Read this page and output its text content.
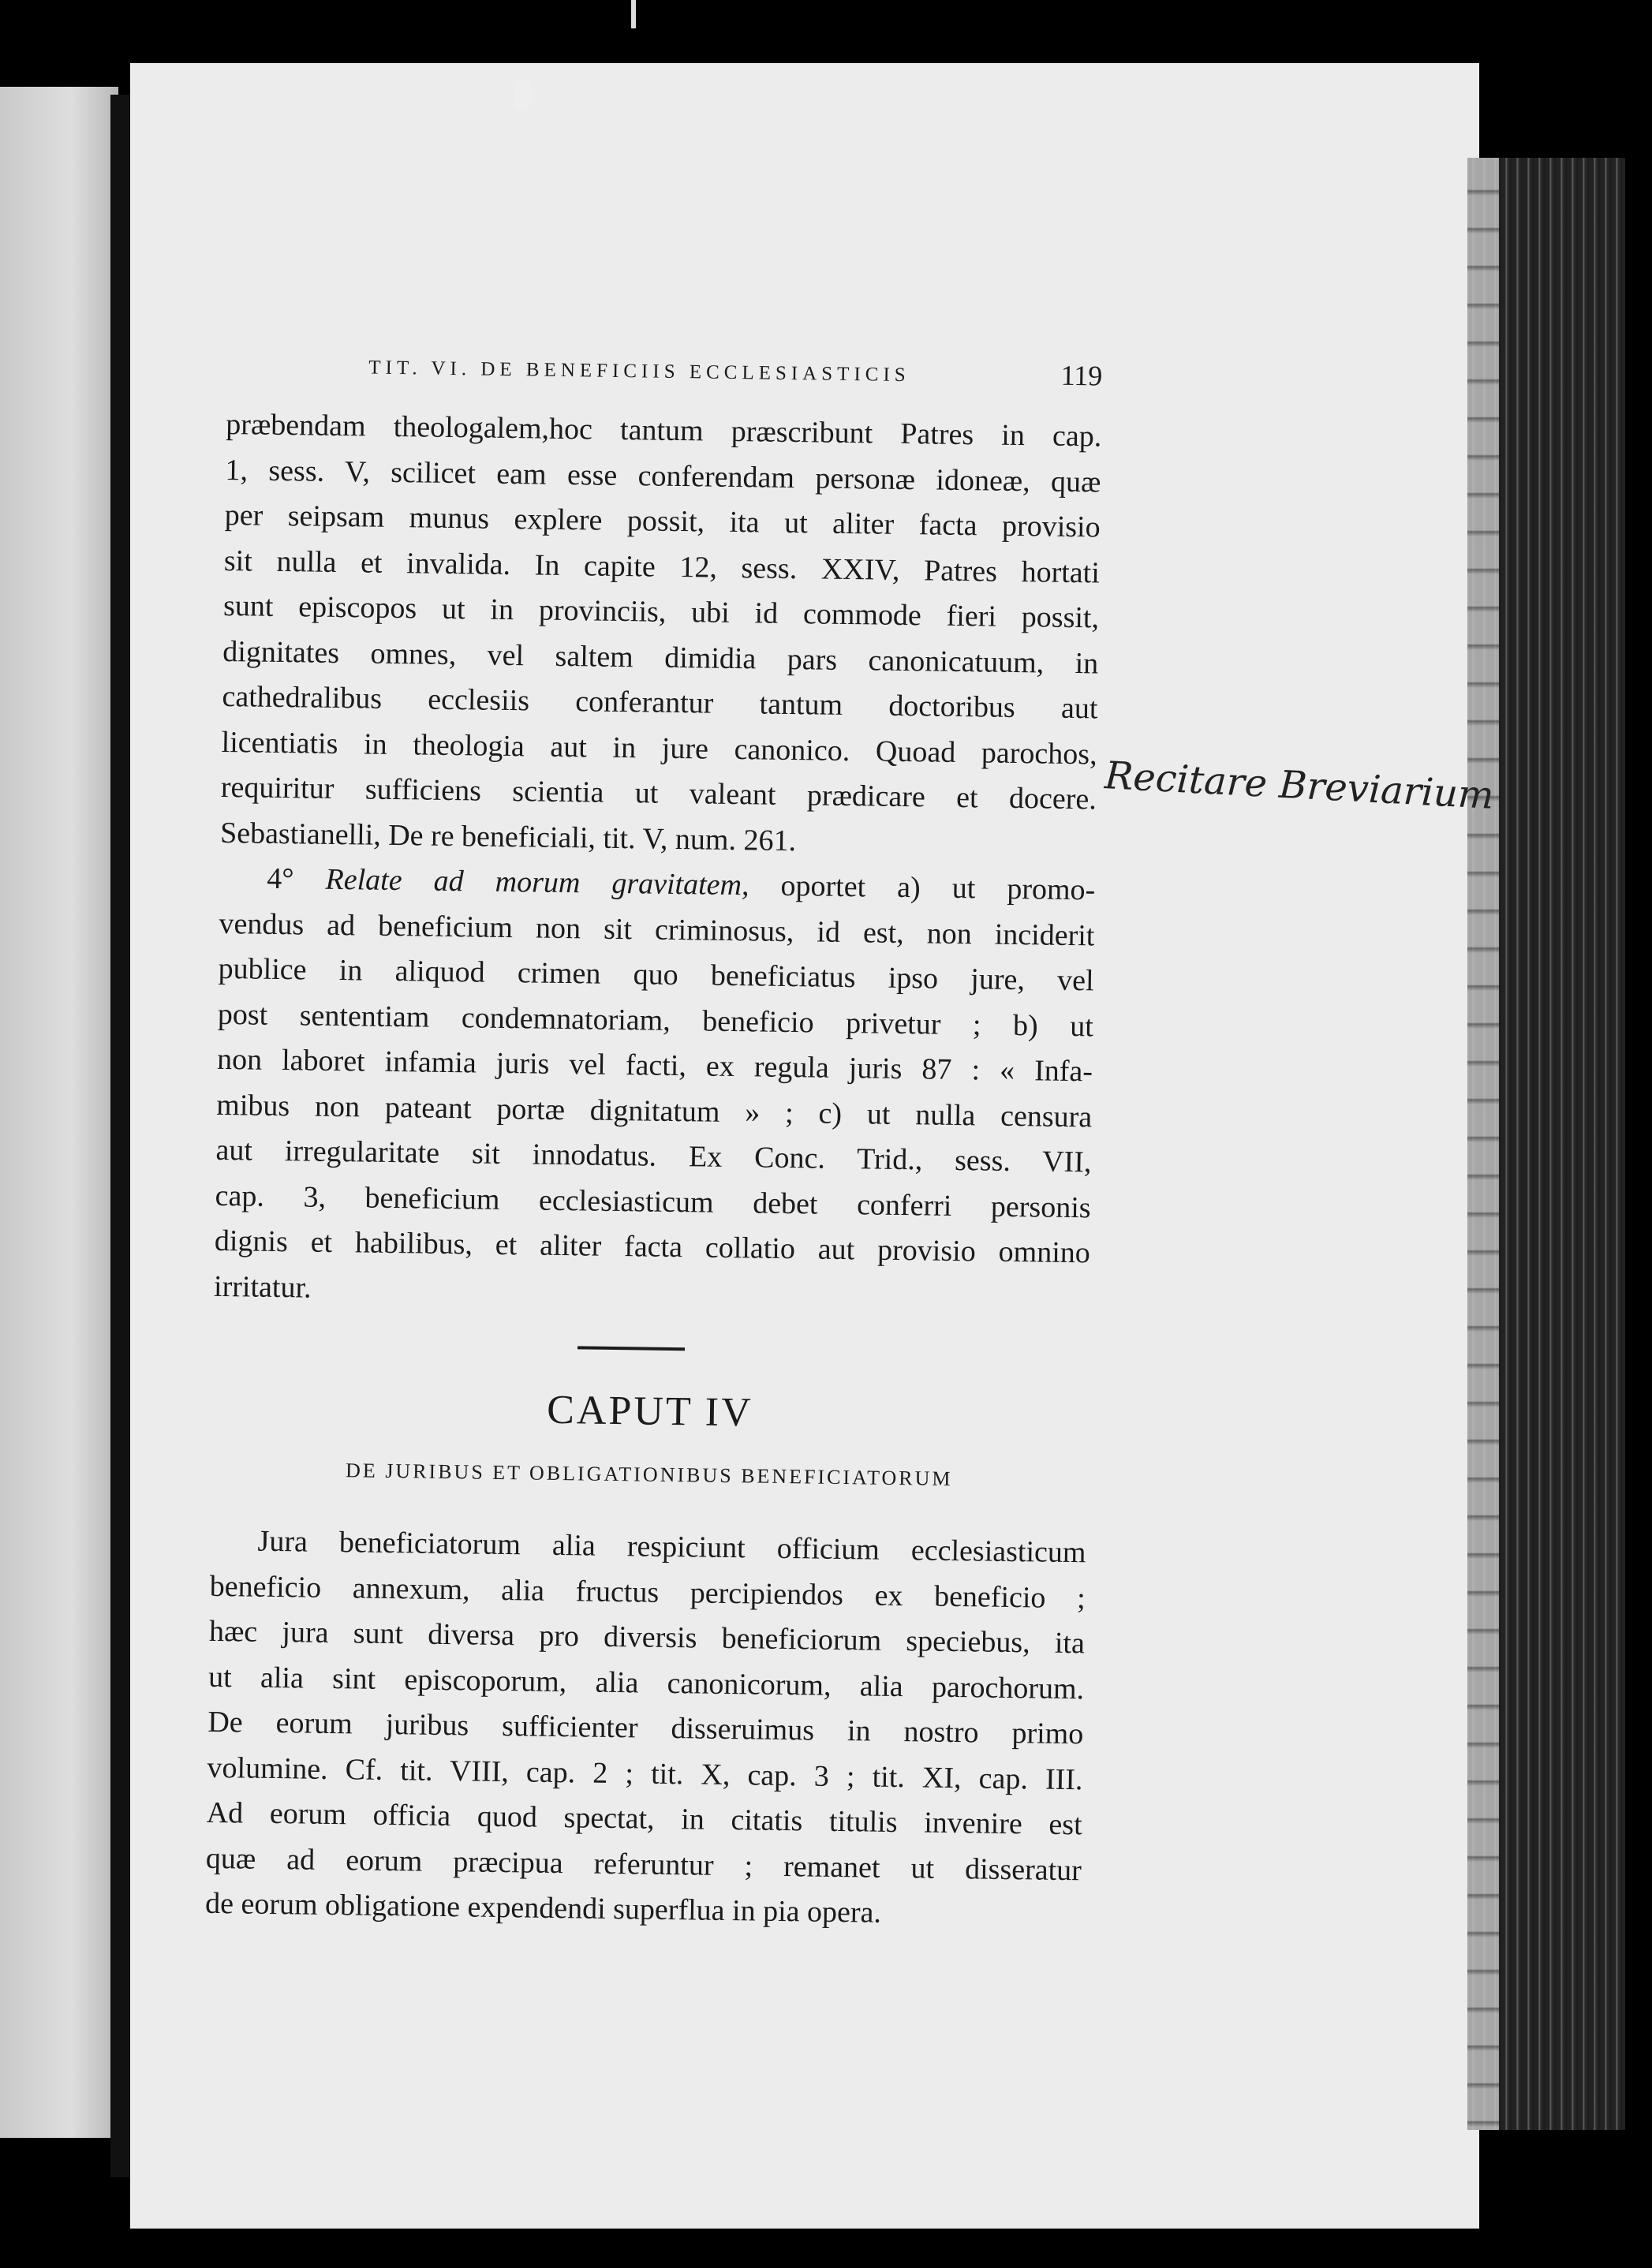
TIT. VI. DE BENEFICIIS ECCLESIASTICIS	119

præbendam theologalem,hoc tantum præscribunt Patres in cap.

1, sess. V, scilicet eam esse conferendam personæ idoneæ, quæ

per seipsam munus explere possit, ita ut aliter facta provisio

sit nulla et invalida. In capite 12, sess. XXIV, Patres hortati

sunt episcopos ut in provinciis, ubi id commode fieri possit,

dignitates omnes, vel saltem dimidia pars canonicatuum, in

cathedralibus ecclesiis conferantur tantum doctoribus aut

licentiatis in theologia aut in jure canonico. Quoad parochos,

requiritur sufficiens scientia ut valeant prædicare et docere.

Sebastianelli, De re beneficiali, tit. V, num. 261.

4° Relate ad morum gravitatem, oportet a) ut promo-

vendus ad beneficium non sit criminosus, id est, non inciderit

publice in aliquod crimen quo beneficiatus ipso jure, vel

post sententiam condemnatoriam, beneficio privetur ; b) ut

non laboret infamia juris vel facti, ex regula juris 87 : « Infa-

mibus non pateant portæ dignitatum » ; c) ut nulla censura

aut irregularitate sit innodatus. Ex Conc. Trid., sess. VII,

cap. 3, beneficium ecclesiasticum debet conferri personis

dignis et habilibus, et aliter facta collatio aut provisio omnino

irritatur.

CAPUT IV
DE JURIBUS ET OBLIGATIONIBUS BENEFICIATORUM

Jura beneficiatorum alia respiciunt officium ecclesiasticum

beneficio annexum, alia fructus percipiendos ex beneficio ;

hæc jura sunt diversa pro diversis beneficiorum speciebus, ita

ut alia sint episcoporum, alia canonicorum, alia parochorum.

De eorum juribus sufficienter disseruimus in nostro primo

volumine. Cf. tit. VIII, cap. 2 ; tit. X, cap. 3 ; tit. XI, cap. III.

Ad eorum officia quod spectat, in citatis titulis invenire est

quæ ad eorum præcipua referuntur ; remanet ut disseratur

de eorum obligatione expendendi superflua in pia opera.

Recitare Breviarium
